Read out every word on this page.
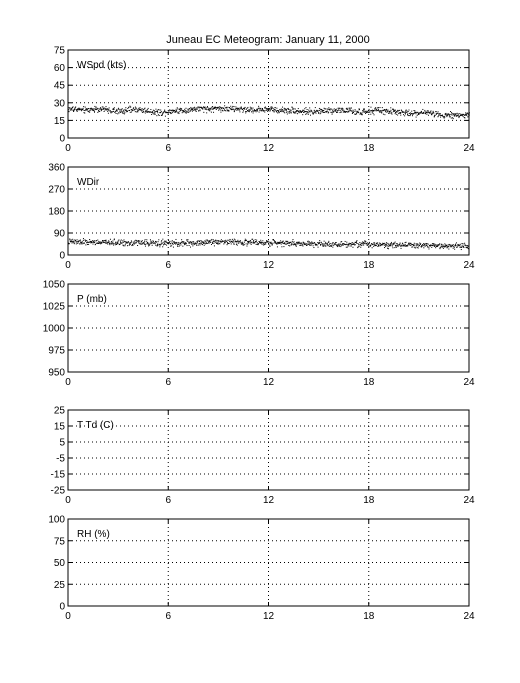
Juneau EC Meteogram: January 11, 2000
0	6	12	18	24
0
15
30
45
60
75
WSpd (kts)
0	6	12	18	24
0
90
180
270
360
WDir
0	6	12	18	24
950
975
1000
1025
1050
P (mb)
0	6	12	18	24
-25
-15
-5
5
15
25
T Td (C)
0	6	12	18	24
0
25
50
75
100
RH (%)
